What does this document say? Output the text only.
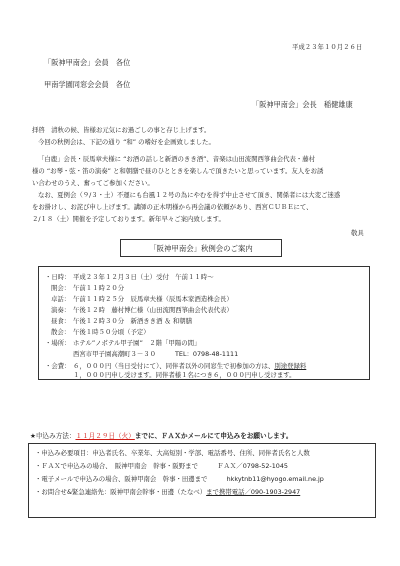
平成２３年１０月２６日
「阪神甲南会」会員　各位
甲南学園同窓会会員　各位
「阪神甲南会」会長　稲健雄康
拝啓　清秋の候、皆様お元気にお過ごしの事と存じ上げます。
今回の秋例会は、下記の通り “和” の嗜好を企画致しました。
「白鹿」会長・辰馬章夫様に “お酒の話しと新酒のきき酒”、音楽は山田流関西箏曲会代表・藤村
様の “お琴・弦・笛の演奏” と和朝膳で昼のひとときを楽しんで頂きたいと思っています。友人をお誘
い合わせのうえ、奮ってご参加ください。
なお、夏例会（９/３・土）不運にも台風１２号の為にやむを得ず中止させて頂き、関係者には大変ご迷惑
をお掛けし、お詫び申し上げます。講師の正木明様から再会議の依頼があり、西宮ＣＵＢＥにて、
２/１８（土）開催を予定しております。新年早々ご案内致します。
敬具
「阪神甲南会」秋例会のご案内
・日時： 平成２３年１２月３日（土）受付　午前１１時～
開会： 午前１１時２０分
卓話： 午前１１時２５分　辰馬章夫様（辰馬本家酒造株会長）
演奏： 午後１２時　藤村博仁様（山田流関西箏曲会代表代表）
昼食： 午後１２時３０分　新酒きき酒 ＆ 和朝膳
散会： 午後１時５０分頃（予定）
・場所： ホテル”ノボテル甲子園”　２階「甲陽の間」
西宮市甲子園高潮町３－３０	TEL：0798-48-1111
・会費： ６，０００円（当日受付にて）、同伴者以外の同窓生で初参加の方は、別途登録料
１，０００円申し受けます。同伴者様１名につき６，０００円申し受けます。
★申込み方法：１１月２９日（火）までに、ＦＡＸかメールにて申込みをお願いします。
・申込み必要項目：申込者氏名、卒業年、大高短別・学部、電話番号、住所、同伴者氏名と人数
・ＦＡＸで申込みの場合、　阪神甲南会　幹事・阪野まで　　　ＦＡＸ／0798-52-1045
・電子メールで申込みの場合、阪神甲南会　幹事・田邊まで　　　hkkytnb11@hyogo.email.ne.jp
・お問合せ&緊急連絡先：阪神甲南会幹事・田邊（たなべ）まで携帯電話／090-1903-2947
